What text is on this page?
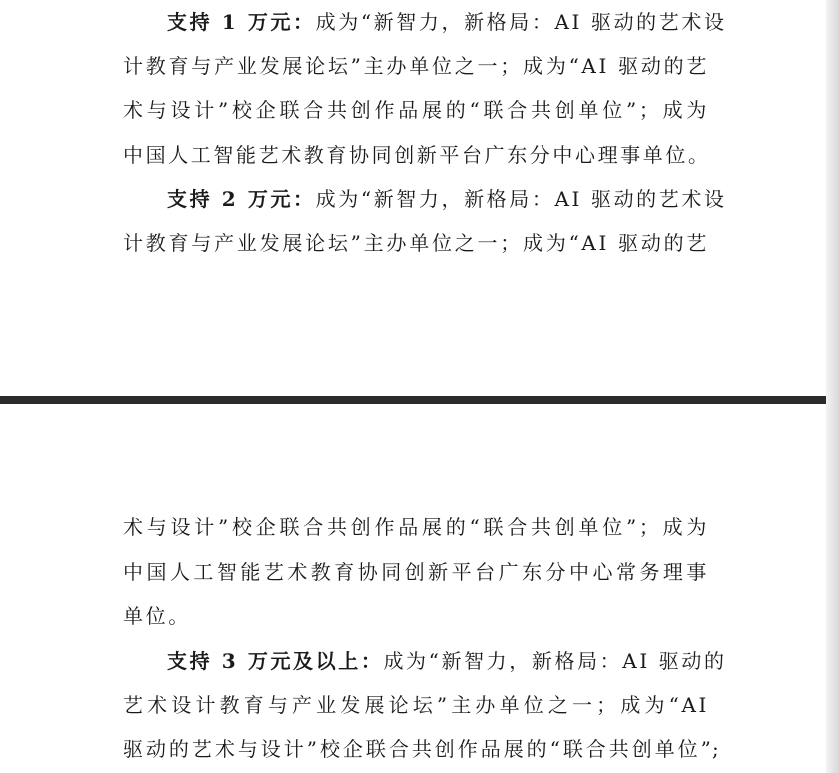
支持 1 万元：成为“新智力，新格局：AI 驱动的艺术设
计教育与产业发展论坛”主办单位之一；成为“AI 驱动的艺
术与设计”校企联合共创作品展的“联合共创单位”；成为
中国人工智能艺术教育协同创新平台广东分中心理事单位。
支持 2 万元：成为“新智力，新格局：AI 驱动的艺术设
计教育与产业发展论坛”主办单位之一；成为“AI 驱动的艺
术与设计”校企联合共创作品展的“联合共创单位”；成为
中国人工智能艺术教育协同创新平台广东分中心常务理事
单位。
支持 3 万元及以上：成为“新智力，新格局：AI 驱动的
艺术设计教育与产业发展论坛”主办单位之一；成为“AI
驱动的艺术与设计”校企联合共创作品展的“联合共创单位”;
